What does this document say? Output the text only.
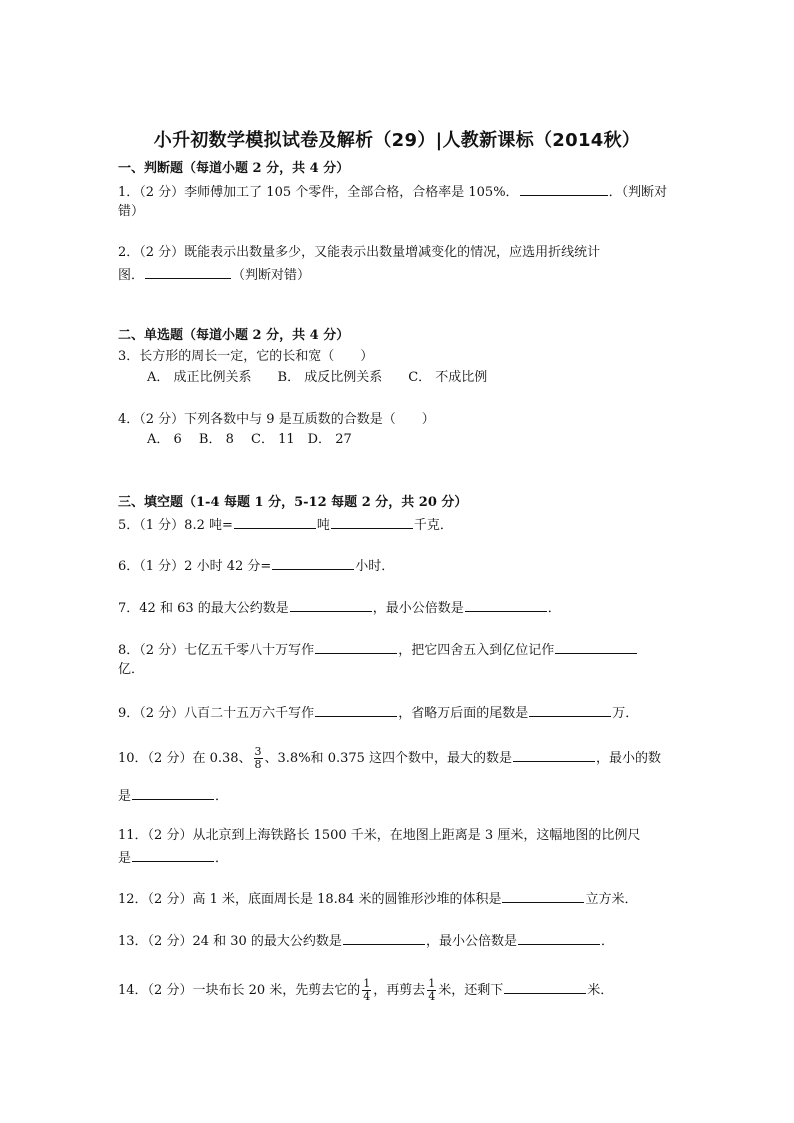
小升初数学模拟试卷及解析（29）|人教新课标（2014秋）
一、判断题（每道小题 2 分，共 4 分）
1．（2 分）李师傅加工了 105 个零件，全部合格，合格率是 105%．	．（判断对
错）
2．（2 分）既能表示出数量多少，又能表示出数量增减变化的情况，应选用折线统计
图．	（判断对错）
二、单选题（每道小题 2 分，共 4 分）
3．长方形的周长一定，它的长和宽（　　）
A． 成正比例关系　　B． 成反比例关系　　C． 不成比例
4．（2 分）下列各数中与 9 是互质数的合数是（　　）
A． 6　 B． 8　 C． 11　D． 27
三、填空题（1-4 每题 1 分，5-12 每题 2 分，共 20 分）
5．（1 分）8.2 吨=	吨	千克．
6．（1 分）2 小时 42 分=	小时．
7．42 和 63 的最大公约数是	，最小公倍数是	．
8．（2 分）七亿五千零八十万写作	，把它四舍五入到亿位记作
亿．
9．（2 分）八百二十五万六千写作	，省略万后面的尾数是	万．
10．（2 分）在 0.38、 $\frac{3}{8}$ 、3.8%和 0.375 这四个数中，最大的数是	，最小的数
是	．
11．（2 分）从北京到上海铁路长 1500 千米，在地图上距离是 3 厘米，这幅地图的比例尺
是	．
12．（2 分）高 1 米，底面周长是 18.84 米的圆锥形沙堆的体积是	立方米．
13．（2 分）24 和 30 的最大公约数是	，最小公倍数是	．
14．（2 分）一块布长 20 米，先剪去它的 $\frac{1}{4}$ ，再剪去 $\frac{1}{4}$ 米，还剩下	米．
